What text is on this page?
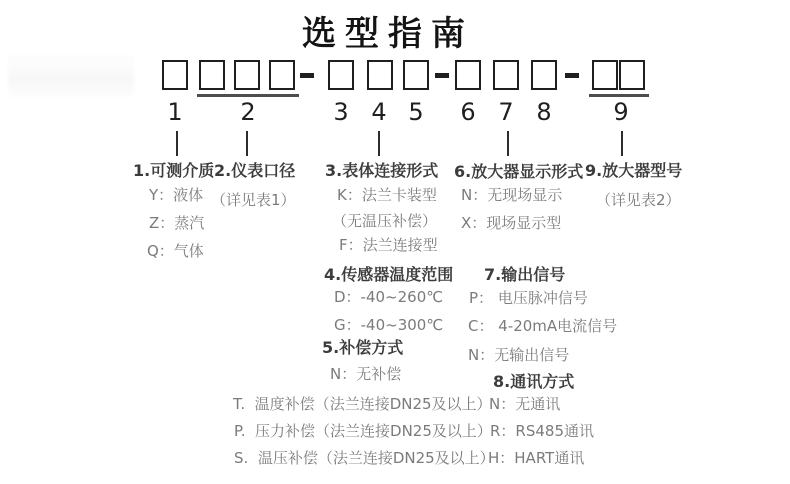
选型指南
1 2	3 4 5 6 7 8	9
1.可测介质
Y：液体
Z：蒸汽
Q：气体
2.仪表口径
（详见表1）
3.表体连接形式
K：法兰卡装型
（无温压补偿）
F：法兰连接型
4.传感器温度范围
D：-40~260℃
G：-40~300℃
5.补偿方式
N：无补偿
T.  温度补偿（法兰连接DN25及以上）
P.  压力补偿（法兰连接DN25及以上）
S.  温压补偿（法兰连接DN25及以上）
6.放大器显示形式
N：无现场显示
X：现场显示型
7.输出信号
P： 电压脉冲信号
C： 4-20mA电流信号
N：无输出信号
8.通讯方式
N：无通讯
R：RS485通讯
H：HART通讯
9.放大器型号
（详见表2）
